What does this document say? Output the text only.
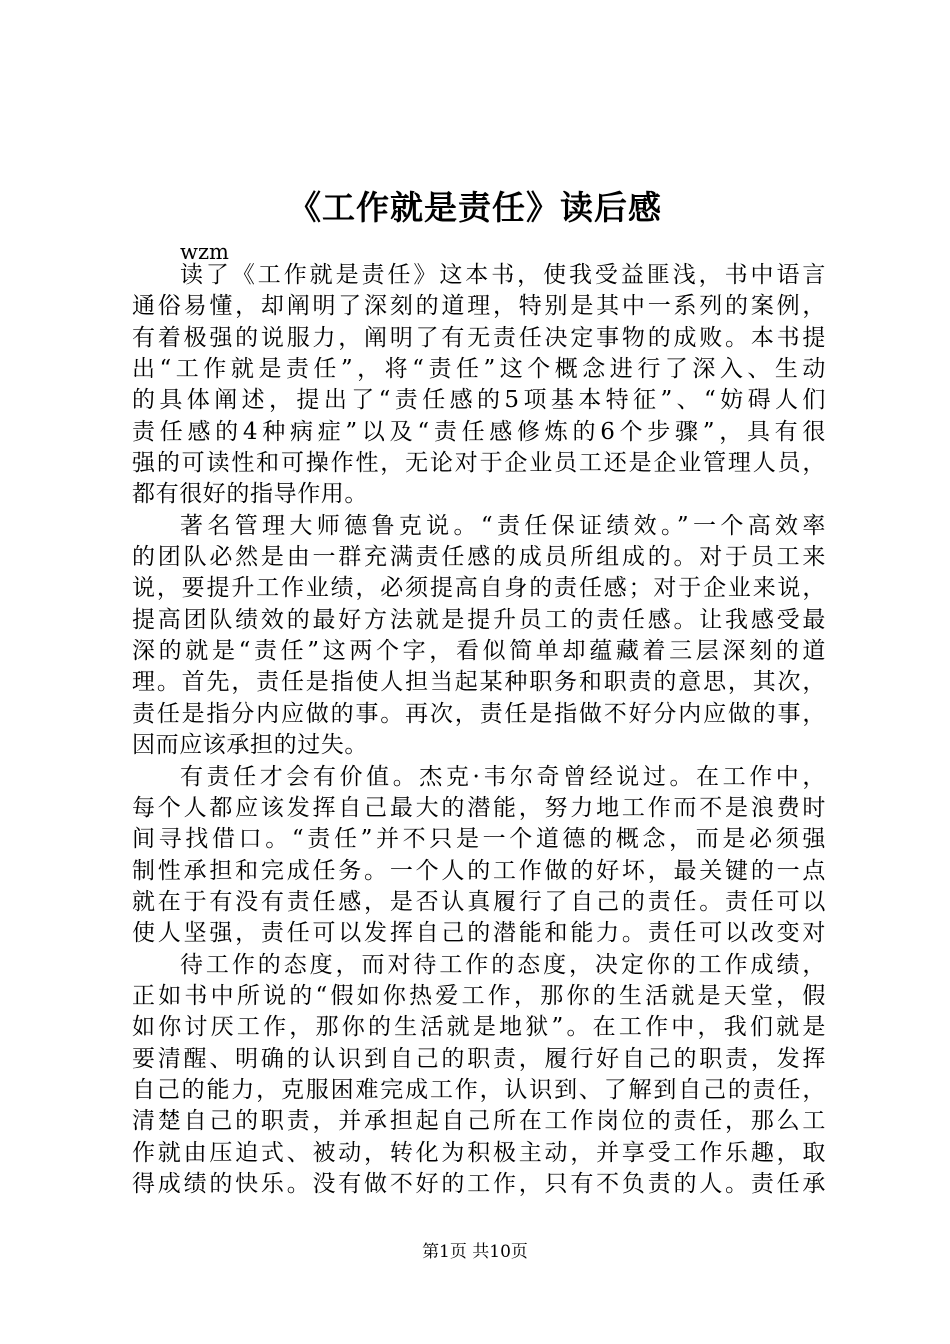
《工作就是责任》读后感
wzm
读了《工作就是责任》这本书，使我受益匪浅，书中语言
通俗易懂，却阐明了深刻的道理，特别是其中一系列的案例，
有着极强的说服力，阐明了有无责任决定事物的成败。本书提
出“工作就是责任”，将“责任”这个概念进行了深入、生动
的具体阐述，提出了“责任感的5项基本特征”、“妨碍人们
责任感的4种病症”以及“责任感修炼的6个步骤”，具有很
强的可读性和可操作性，无论对于企业员工还是企业管理人员，
都有很好的指导作用。
著名管理大师德鲁克说。“责任保证绩效。”一个高效率
的团队必然是由一群充满责任感的成员所组成的。对于员工来
说，要提升工作业绩，必须提高自身的责任感；对于企业来说，
提高团队绩效的最好方法就是提升员工的责任感。让我感受最
深的就是“责任”这两个字，看似简单却蕴藏着三层深刻的道
理。首先，责任是指使人担当起某种职务和职责的意思，其次，
责任是指分内应做的事。再次，责任是指做不好分内应做的事，
因而应该承担的过失。
有责任才会有价值。杰克·韦尔奇曾经说过。在工作中，
每个人都应该发挥自己最大的潜能，努力地工作而不是浪费时
间寻找借口。“责任”并不只是一个道德的概念，而是必须强
制性承担和完成任务。一个人的工作做的好坏，最关键的一点
就在于有没有责任感，是否认真履行了自己的责任。责任可以
使人坚强，责任可以发挥自己的潜能和能力。责任可以改变对
待工作的态度，而对待工作的态度，决定你的工作成绩，
正如书中所说的“假如你热爱工作，那你的生活就是天堂，假
如你讨厌工作，那你的生活就是地狱”。在工作中，我们就是
要清醒、明确的认识到自己的职责，履行好自己的职责，发挥
自己的能力，克服困难完成工作，认识到、了解到自己的责任，
清楚自己的职责，并承担起自己所在工作岗位的责任，那么工
作就由压迫式、被动，转化为积极主动，并享受工作乐趣，取
得成绩的快乐。没有做不好的工作，只有不负责的人。责任承
第1页 共10页
